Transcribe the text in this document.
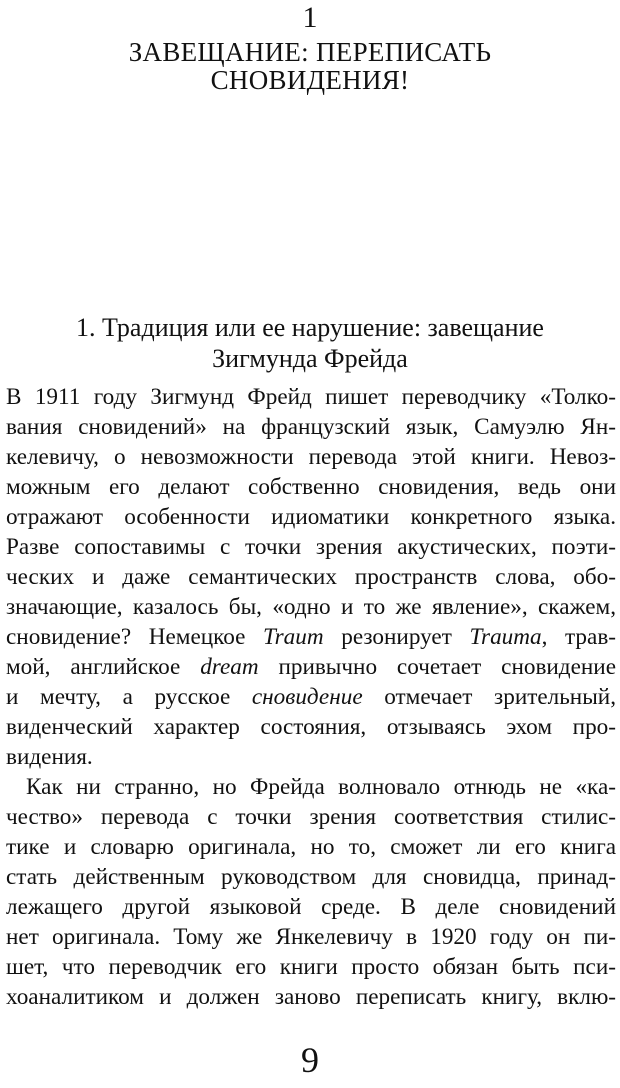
1
ЗАВЕЩАНИЕ: ПЕРЕПИСАТЬ
СНОВИДЕНИЯ!
1. Традиция или ее нарушение: завещание
Зигмунда Фрейда
В 1911 году Зигмунд Фрейд пишет переводчику «Толко-
вания сновидений» на французский язык, Самуэлю Ян-
келевичу, о невозможности перевода этой книги. Невоз-
можным его делают собственно сновидения, ведь они
отражают особенности идиоматики конкретного языка.
Разве сопоставимы с точки зрения акустических, поэти-
ческих и даже семантических пространств слова, обо-
значающие, казалось бы, «одно и то же явление», скажем,
сновидение? Немецкое Traum резонирует Trauma, трав-
мой, английское dream привычно сочетает сновидение
и мечту, а русское сновидение отмечает зрительный,
виденческий характер состояния, отзываясь эхом про-
видения.
Как ни странно, но Фрейда волновало отнюдь не «ка-
чество» перевода с точки зрения соответствия стилис-
тике и словарю оригинала, но то, сможет ли его книга
стать действенным руководством для сновидца, принад-
лежащего другой языковой среде. В деле сновидений
нет оригинала. Тому же Янкелевичу в 1920 году он пи-
шет, что переводчик его книги просто обязан быть пси-
хоаналитиком и должен заново переписать книгу, вклю-
9
